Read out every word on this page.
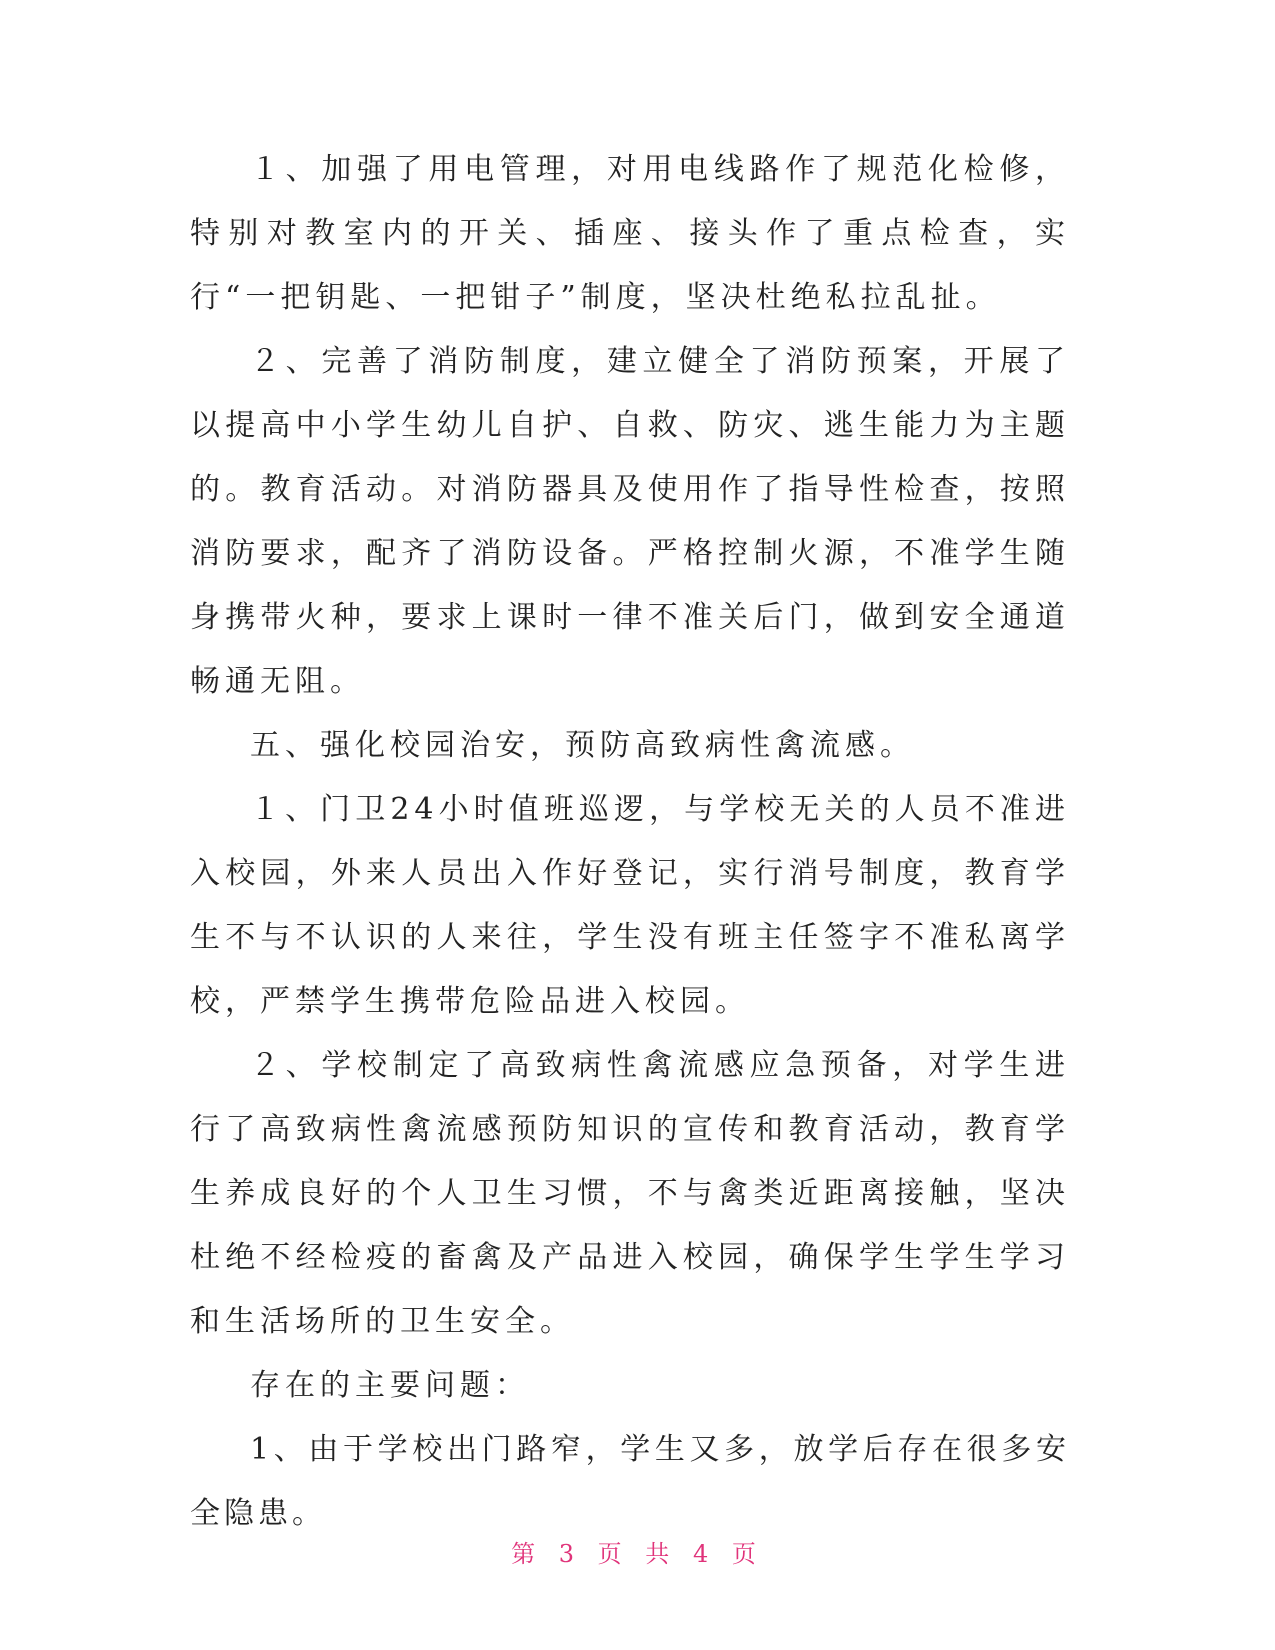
１、加强了用电管理，对用电线路作了规范化检修，特别对教室内的开关、插座、接头作了重点检查，实行“一把钥匙、一把钳子”制度，坚决杜绝私拉乱扯。

２、完善了消防制度，建立健全了消防预案，开展了以提高中小学生幼儿自护、自救、防灾、逃生能力为主题的。教育活动。对消防器具及使用作了指导性检查，按照消防要求，配齐了消防设备。严格控制火源，不准学生随身携带火种，要求上课时一律不准关后门，做到安全通道畅通无阻。

五、强化校园治安，预防高致病性禽流感。

１、门卫24小时值班巡逻，与学校无关的人员不准进入校园，外来人员出入作好登记，实行消号制度，教育学生不与不认识的人来往，学生没有班主任签字不准私离学校，严禁学生携带危险品进入校园。

２、学校制定了高致病性禽流感应急预备，对学生进行了高致病性禽流感预防知识的宣传和教育活动，教育学生养成良好的个人卫生习惯，不与禽类近距离接触，坚决杜绝不经检疫的畜禽及产品进入校园，确保学生学生学习和生活场所的卫生安全。

存在的主要问题：

1、由于学校出门路窄，学生又多，放学后存在很多安全隐患。

第 3 页 共 4 页
